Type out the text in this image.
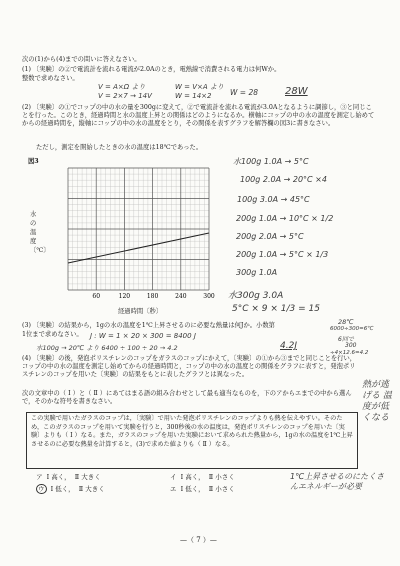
次の(1)から(4)までの問いに答えなさい。
(1) 〔実験〕の②で電流計を流れる電流が2.0Aのとき，電熱線で消費される電力は何Wか。
整数で求めなさい。
V = A×Ω より	W = V×A より
V = 2×7 → 14V	W = 14×2 W = 28	28W
(2) 〔実験〕の①でコップの中の水の量を300gに変えて，②で電流計を流れる電流が3.0Aとなるように調節し，③と同じことを行った。このとき，経過時間と水の温度上昇との関係はどのようになるか。横軸にコップの中の水の温度を測定し始めてからの経過時間を，縦軸にコップの中の水の温度をとり，その関係を表すグラフを解答欄の図3に書きなさい。
ただし，測定を開始したときの水の温度は18℃であった。
図3
水の温度〔℃〕
60	120	180	240	300
経過時間〔秒〕
水100g 1.0A → 5°C
100g 2.0A → 20°C ×4
100g 3.0A → 45°C
200g 1.0A → 10°C × 1/2
200g 2.0A → 5°C
200g 1.0A → 5°C × 1/3
300g 1.0A
水300g 3.0A
5°C × 9 × 1/3 = 15
(3) 〔実験〕の結果から，1gの水の温度を1℃上昇させるのに必要な熱量は何Jか。小数第
1位まで求めなさい。 J : W = 1 × 20 × 300 = 8400 J
水100g → 20℃ より 6400 ÷ 100 ÷ 20 → 4.2	4.2J
28℃
6000÷300=6℃
6回で
300
÷4×12.6=4.2
(4) 〔実験〕の後，発泡ポリスチレンのコップをガラスのコップにかえて，〔実験〕の①から③までと同じことを行い，コップの中の水の温度を測定し始めてからの経過時間と，コップの中の水の温度との関係をグラフに表すと，発泡ポリスチレンのコップを用いた〔実験〕の結果をもとに表したグラフとは異なった。
次の文章中の（ Ⅰ ）と（ Ⅱ ）にあてはまる語の組み合わせとして最も適当なものを，下のアからエまでの中から選んで，そのかな符号を書きなさい。
この実験で用いたガラスのコップは，〔実験〕で用いた発泡ポリスチレンのコップよりも熱を伝えやすい。そのため，このガラスのコップを用いて実験を行うと，300秒後の水の温度は，発泡ポリスチレンのコップを用いた〔実験〕よりも（ Ⅰ ）なる。また，ガラスのコップを用いた実験において求められた熱量から，1gの水の温度を1℃上昇させるのに必要な熱量を計算すると，(3)で求めた値よりも（ Ⅱ ）なる。
ア Ⅰ 高く， Ⅱ 大きく	イ Ⅰ 高く， Ⅱ 小さく
ウ Ⅰ 低く， Ⅱ 大きく	エ Ⅰ 低く， Ⅱ 小さく
熱が逃げる 温度が低くなる
1℃上昇させるのにたくさんエネルギーが必要
—（ 7 ）—
